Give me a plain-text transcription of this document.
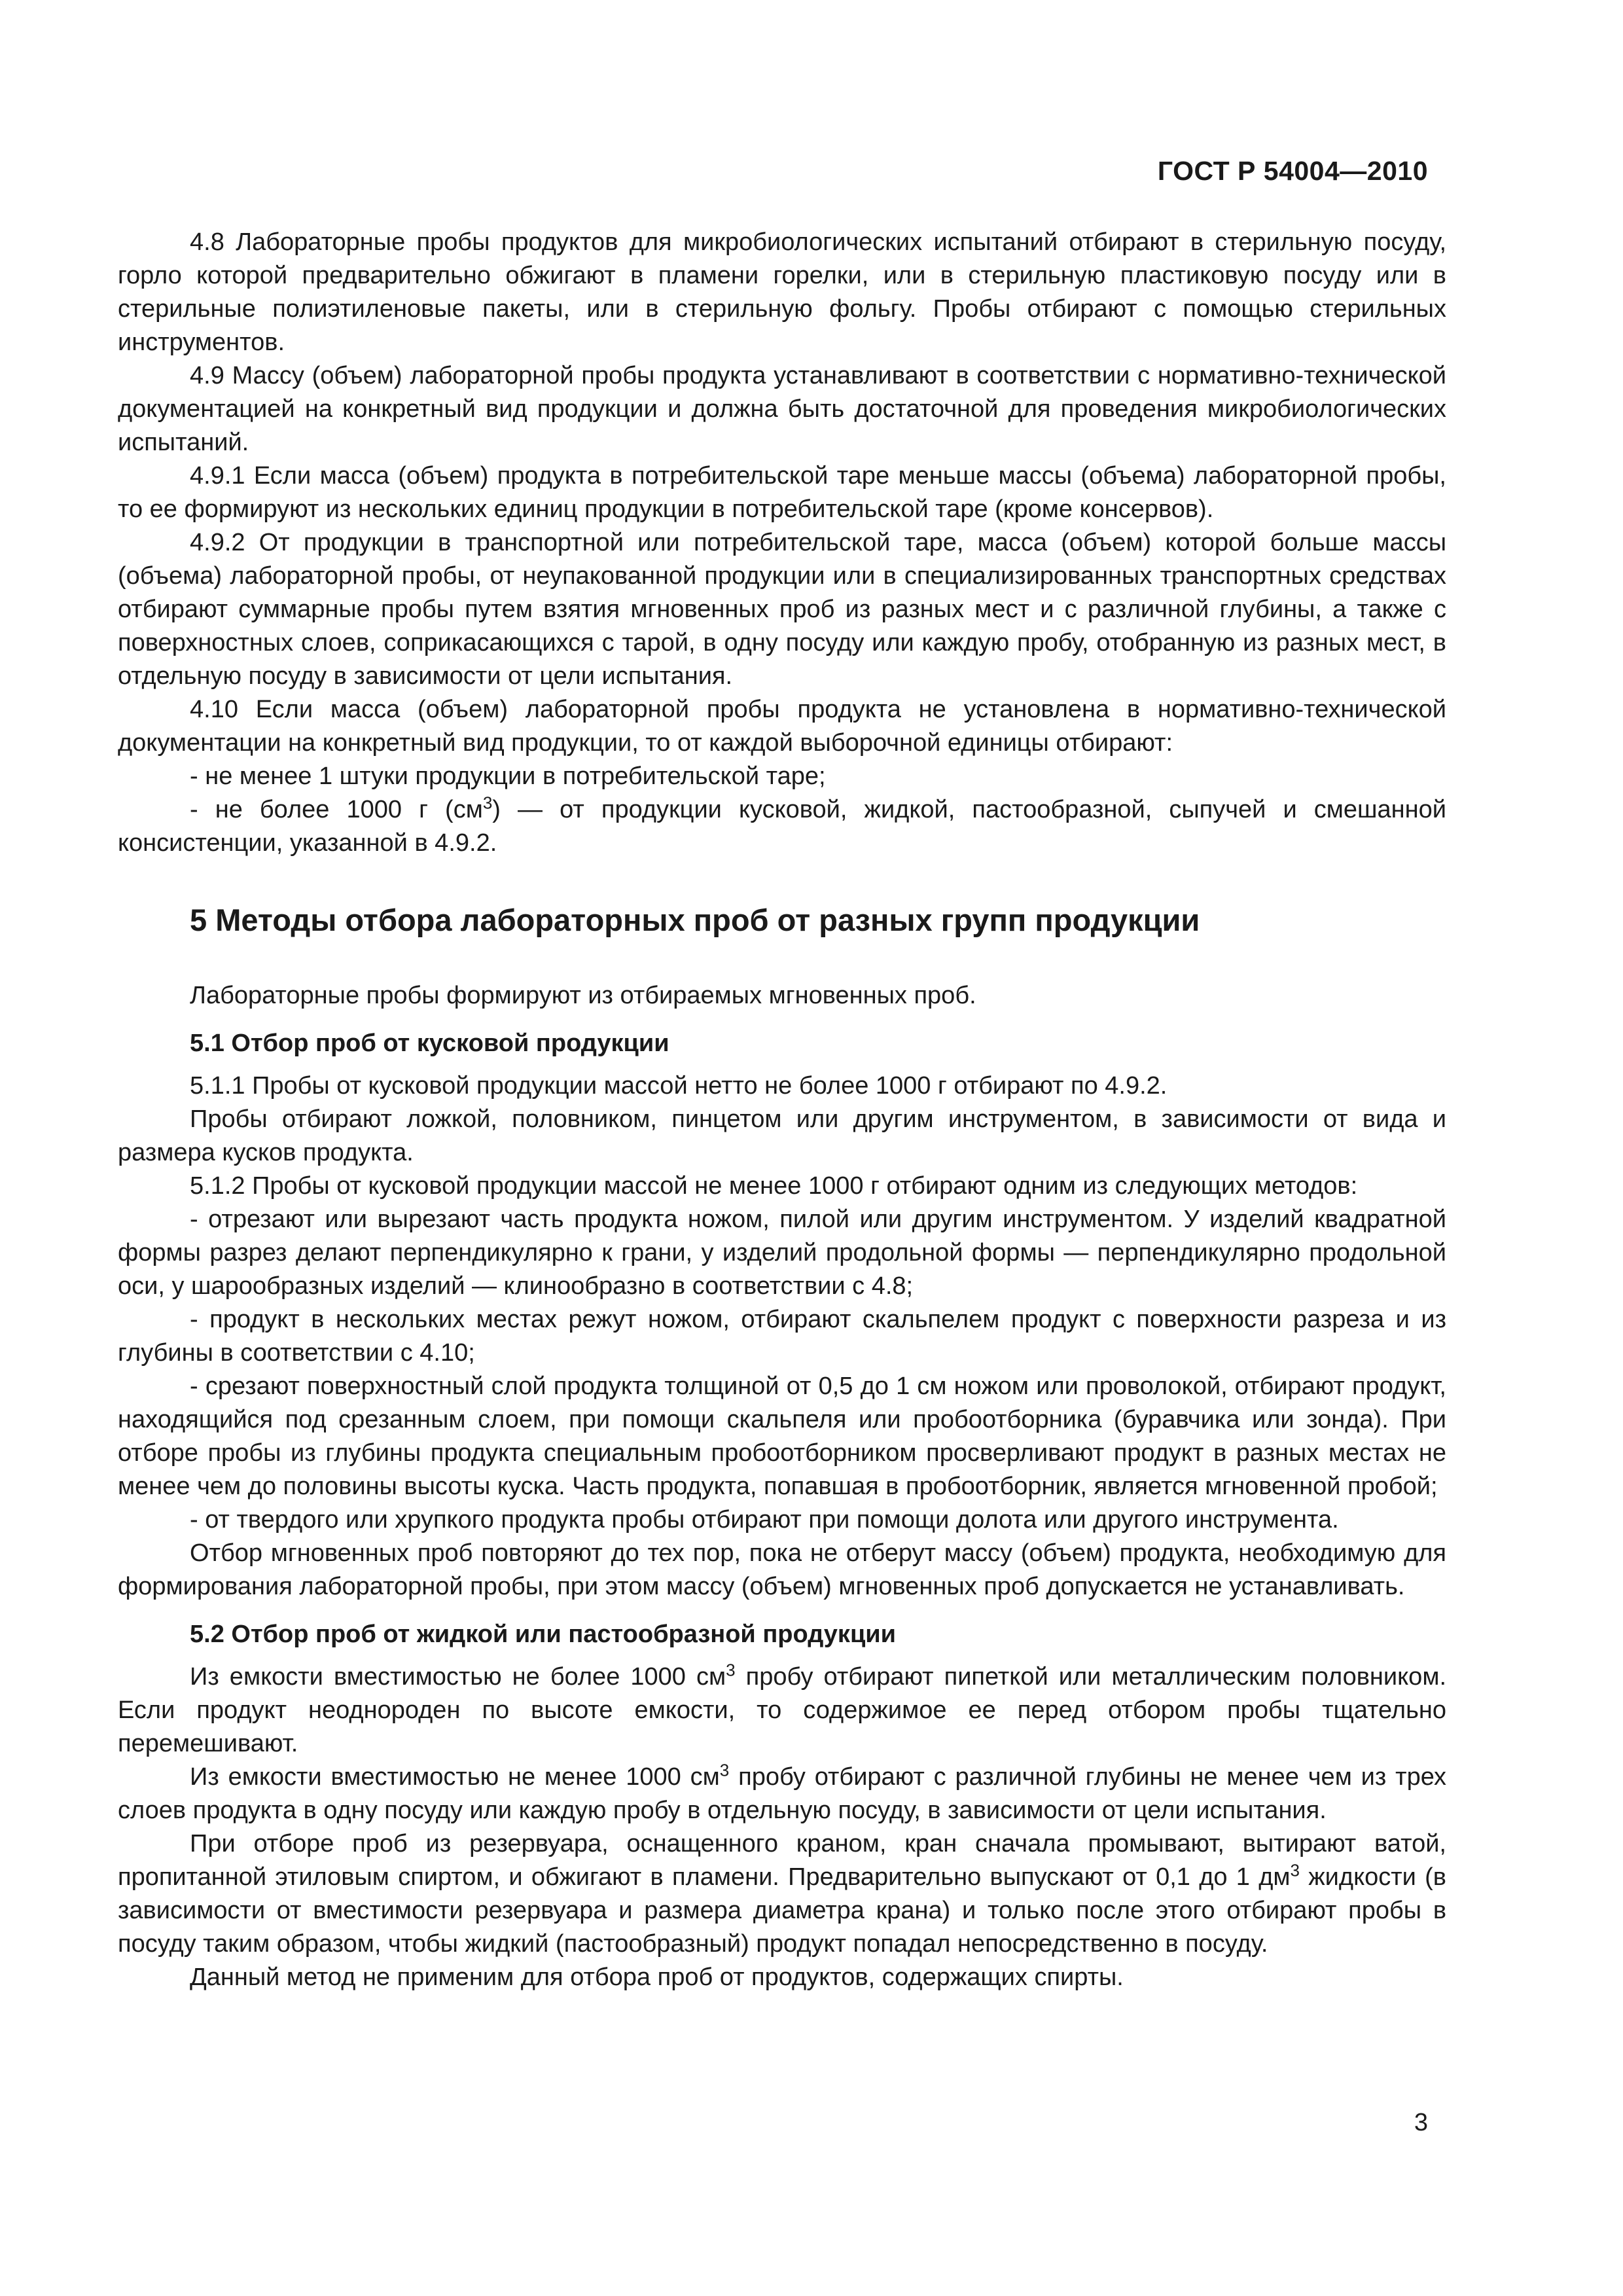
ГОСТ Р 54004—2010

4.8 Лабораторные пробы продуктов для микробиологических испытаний отбирают в стерильную посуду, горло которой предварительно обжигают в пламени горелки, или в стерильную пластиковую посуду или в стерильные полиэтиленовые пакеты, или в стерильную фольгу. Пробы отбирают с помощью стерильных инструментов.

4.9 Массу (объем) лабораторной пробы продукта устанавливают в соответствии с нормативно-технической документацией на конкретный вид продукции и должна быть достаточной для проведения микробиологических испытаний.

4.9.1 Если масса (объем) продукта в потребительской таре меньше массы (объема) лабораторной пробы, то ее формируют из нескольких единиц продукции в потребительской таре (кроме консервов).

4.9.2 От продукции в транспортной или потребительской таре, масса (объем) которой больше массы (объема) лабораторной пробы, от неупакованной продукции или в специализированных транспортных средствах отбирают суммарные пробы путем взятия мгновенных проб из разных мест и с различной глубины, а также с поверхностных слоев, соприкасающихся с тарой, в одну посуду или каждую пробу, отобранную из разных мест, в отдельную посуду в зависимости от цели испытания.

4.10 Если масса (объем) лабораторной пробы продукта не установлена в нормативно-технической документации на конкретный вид продукции, то от каждой выборочной единицы отбирают:

- не менее 1 штуки продукции в потребительской таре;

- не более 1000 г $(см^3)$ — от продукции кусковой, жидкой, пастообразной, сыпучей и смешанной консистенции, указанной в 4.9.2.

5 Методы отбора лабораторных проб от разных групп продукции

Лабораторные пробы формируют из отбираемых мгновенных проб.

5.1 Отбор проб от кусковой продукции

5.1.1 Пробы от кусковой продукции массой нетто не более 1000 г отбирают по 4.9.2.

Пробы отбирают ложкой, половником, пинцетом или другим инструментом, в зависимости от вида и размера кусков продукта.

5.1.2 Пробы от кусковой продукции массой не менее 1000 г отбирают одним из следующих методов:

- отрезают или вырезают часть продукта ножом, пилой или другим инструментом. У изделий квадратной формы разрез делают перпендикулярно к грани, у изделий продольной формы — перпендикулярно продольной оси, у шарообразных изделий — клинообразно в соответствии с 4.8;

- продукт в нескольких местах режут ножом, отбирают скальпелем продукт с поверхности разреза и из глубины в соответствии с 4.10;

- срезают поверхностный слой продукта толщиной от 0,5 до 1 см ножом или проволокой, отбирают продукт, находящийся под срезанным слоем, при помощи скальпеля или пробоотборника (буравчика или зонда). При отборе пробы из глубины продукта специальным пробоотборником просверливают продукт в разных местах не менее чем до половины высоты куска. Часть продукта, попавшая в пробоотборник, является мгновенной пробой;

- от твердого или хрупкого продукта пробы отбирают при помощи долота или другого инструмента.

Отбор мгновенных проб повторяют до тех пор, пока не отберут массу (объем) продукта, необходимую для формирования лабораторной пробы, при этом массу (объем) мгновенных проб допускается не устанавливать.

5.2 Отбор проб от жидкой или пастообразной продукции

Из емкости вместимостью не более 1000 $см^3$ пробу отбирают пипеткой или металлическим половником. Если продукт неоднороден по высоте емкости, то содержимое ее перед отбором пробы тщательно перемешивают.

Из емкости вместимостью не менее 1000 $см^3$ пробу отбирают с различной глубины не менее чем из трех слоев продукта в одну посуду или каждую пробу в отдельную посуду, в зависимости от цели испытания.

При отборе проб из резервуара, оснащенного краном, кран сначала промывают, вытирают ватой, пропитанной этиловым спиртом, и обжигают в пламени. Предварительно выпускают от 0,1 до 1 $дм^3$ жидкости (в зависимости от вместимости резервуара и размера диаметра крана) и только после этого отбирают пробы в посуду таким образом, чтобы жидкий (пастообразный) продукт попадал непосредственно в посуду.

Данный метод не применим для отбора проб от продуктов, содержащих спирты.

3
